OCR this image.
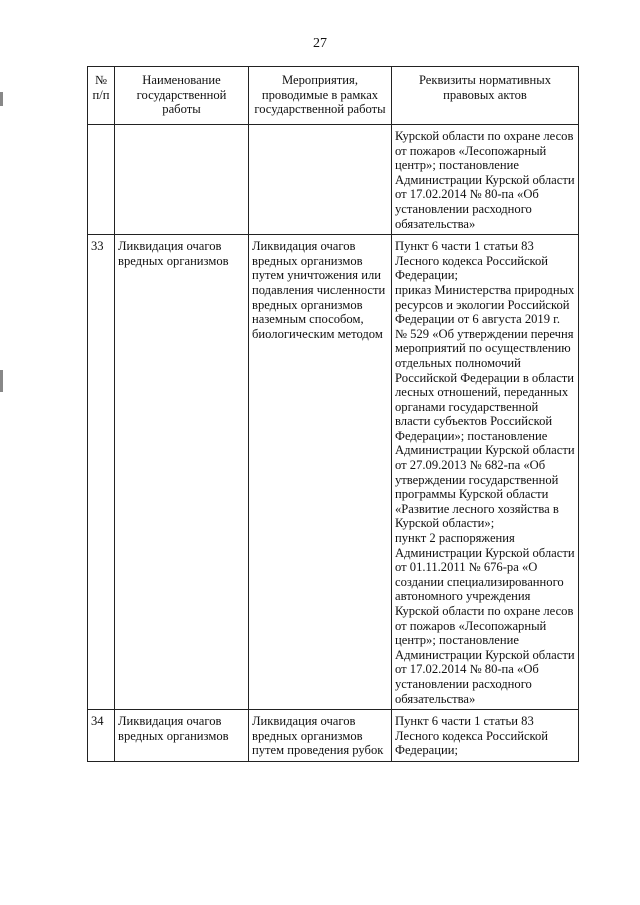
27
№ п/п	Наименование государственной работы	Мероприятия, проводимые в рамках государственной работы	Реквизиты нормативных правовых актов
			Курской области по охране лесов от пожаров «Лесопожарный центр»; постановление Администрации Курской области от 17.02.2014 № 80-па «Об установлении расходного обязательства»
33	Ликвидация очагов вредных организмов	Ликвидация очагов вредных организмов путем уничтожения или подавления численности вредных организмов наземным способом, биологическим методом	Пункт 6 части 1 статьи 83 Лесного кодекса Российской Федерации;
приказ Министерства природных ресурсов и экологии Российской Федерации от 6 августа 2019 г. № 529 «Об утверждении перечня мероприятий по осуществлению отдельных полномочий Российской Федерации в области лесных отношений, переданных органами государственной власти субъектов Российской Федерации»; постановление Администрации Курской области от 27.09.2013 № 682-па «Об утверждении государственной программы Курской области «Развитие лесного хозяйства в Курской области»;
пункт 2 распоряжения Администрации Курской области от 01.11.2011 № 676-ра «О создании специализированного автономного учреждения Курской области по охране лесов от пожаров «Лесопожарный центр»; постановление Администрации Курской области от 17.02.2014 № 80-па «Об установлении расходного обязательства»

34	Ликвидация очагов вредных организмов	Ликвидация очагов вредных организмов путем проведения рубок	Пункт 6 части 1 статьи 83 Лесного кодекса Российской Федерации;
